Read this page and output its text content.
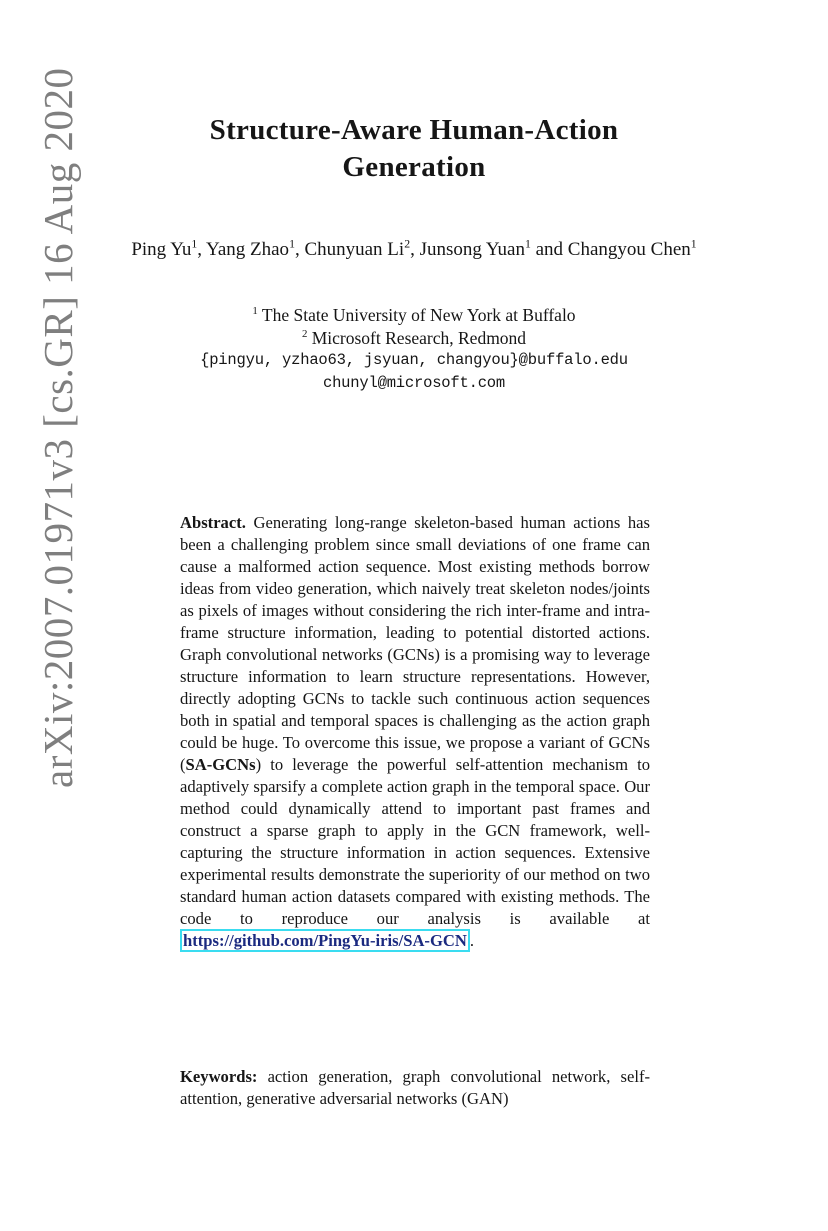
arXiv:2007.01971v3 [cs.GR] 16 Aug 2020	Structure-Aware Human-Action
Generation
Ping Yu$^1$, Yang Zhao$^1$, Chunyuan Li$^2$, Junsong Yuan$^1$ and Changyou Chen$^1$
$^1$ The State University of New York at Buffalo
$^2$ Microsoft Research, Redmond
{pingyu, yzhao63, jsyuan, changyou}@buffalo.edu
chunyl@microsoft.com
Abstract. Generating long-range skeleton-based human actions has been a challenging problem since small deviations of one frame can cause a malformed action sequence. Most existing methods borrow ideas from video generation, which naively treat skeleton nodes/joints as pixels of images without considering the rich inter-frame and intra-frame structure information, leading to potential distorted actions. Graph convolutional networks (GCNs) is a promising way to leverage structure information to learn structure representations. However, directly adopting GCNs to tackle such continuous action sequences both in spatial and temporal spaces is challenging as the action graph could be huge. To overcome this issue, we propose a variant of GCNs (SA-GCNs) to leverage the powerful self-attention mechanism to adaptively sparsify a complete action graph in the temporal space. Our method could dynamically attend to important past frames and construct a sparse graph to apply in the GCN framework, well-capturing the structure information in action sequences. Extensive experimental results demonstrate the superiority of our method on two standard human action datasets compared with existing methods. The code to reproduce our analysis is available at https://github.com/PingYu-iris/SA-GCN .
Keywords: action generation, graph convolutional network, self-attention, generative adversarial networks (GAN)
